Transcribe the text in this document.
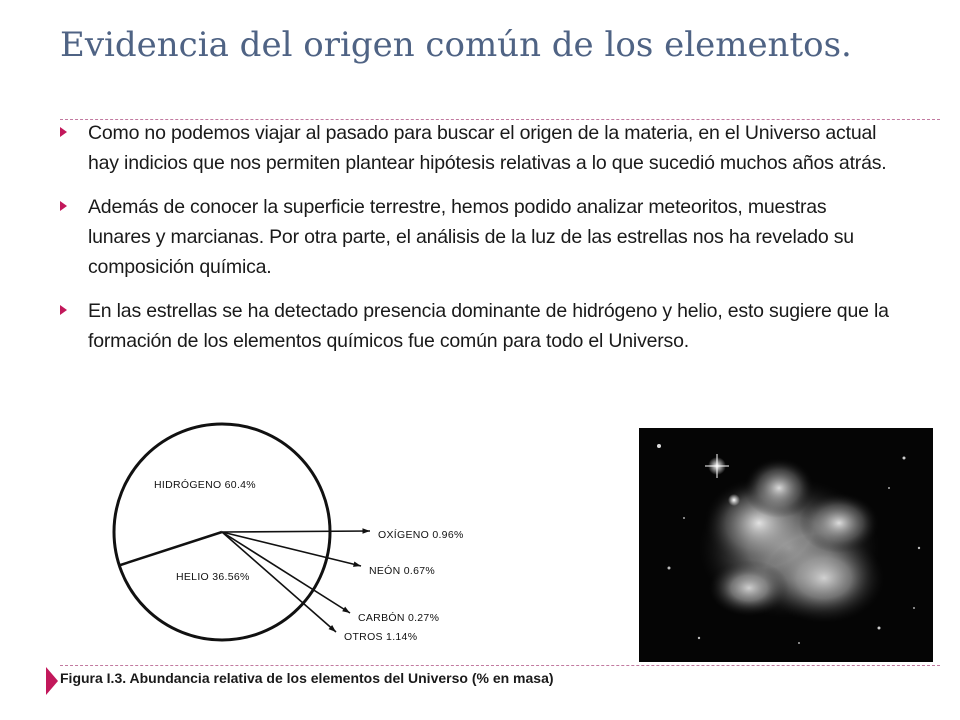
Evidencia del origen común de los elementos.
Como no podemos viajar al pasado para buscar el origen de la materia, en el Universo actual hay indicios que nos permiten plantear hipótesis relativas a lo que sucedió muchos años atrás.
Además de conocer la superficie terrestre, hemos podido analizar meteoritos, muestras lunares y marcianas. Por otra parte, el análisis de la luz de las estrellas nos ha revelado su composición química.
En las estrellas se ha detectado presencia dominante de hidrógeno y helio, esto sugiere que la formación de los elementos químicos fue común para todo el Universo.
HIDRÓGENO 60.4%
HELIO 36.56%
OXÍGENO 0.96%
NEÓN 0.67%
CARBÓN 0.27%
OTROS 1.14%
Figura I.3. Abundancia relativa de los elementos del Universo (% en masa)
